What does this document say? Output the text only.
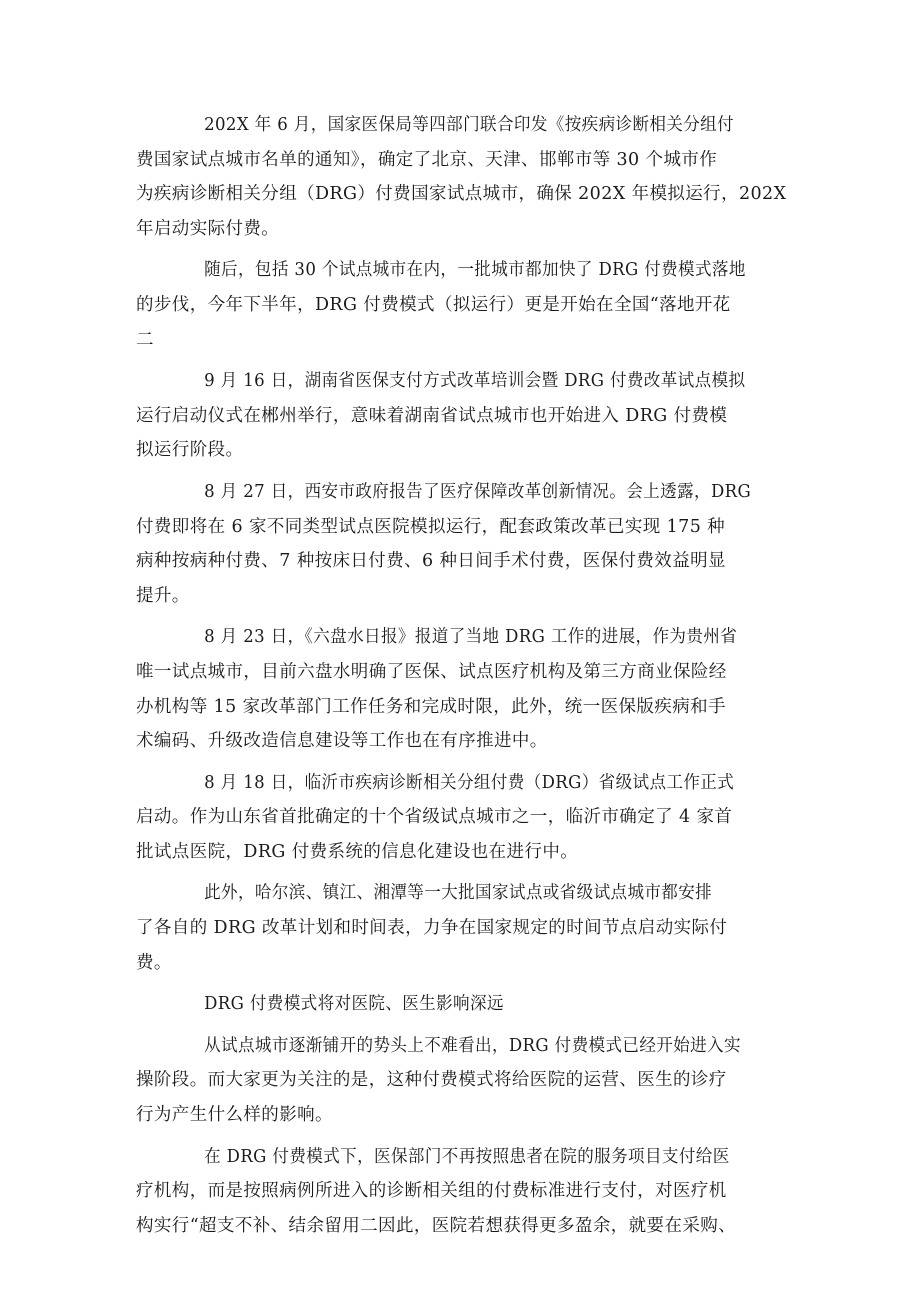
202X 年 6 月，国家医保局等四部门联合印发《按疾病诊断相关分组付

费国家试点城市名单的通知》，确定了北京、天津、邯郸市等 30 个城市作
为疾病诊断相关分组（DRG）付费国家试点城市，确保 202X 年模拟运行，202X
年启动实际付费。

随后，包括 30 个试点城市在内，一批城市都加快了 DRG 付费模式落地

的步伐，今年下半年，DRG 付费模式（拟运行）更是开始在全国“落地开花
二

9 月 16 日，湖南省医保支付方式改革培训会暨 DRG 付费改革试点模拟

运行启动仪式在郴州举行，意味着湖南省试点城市也开始进入 DRG 付费模
拟运行阶段。

8 月 27 日，西安市政府报告了医疗保障改革创新情况。会上透露，DRG

付费即将在 6 家不同类型试点医院模拟运行，配套政策改革已实现 175 种
病种按病种付费、7 种按床日付费、6 种日间手术付费，医保付费效益明显
提升。

8 月 23 日，《六盘水日报》报道了当地 DRG 工作的进展，作为贵州省

唯一试点城市，目前六盘水明确了医保、试点医疗机构及第三方商业保险经
办机构等 15 家改革部门工作任务和完成时限，此外，统一医保版疾病和手
术编码、升级改造信息建设等工作也在有序推进中。

8 月 18 日，临沂市疾病诊断相关分组付费（DRG）省级试点工作正式

启动。作为山东省首批确定的十个省级试点城市之一，临沂市确定了 4 家首
批试点医院，DRG 付费系统的信息化建设也在进行中。

此外，哈尔滨、镇江、湘潭等一大批国家试点或省级试点城市都安排

了各自的 DRG 改革计划和时间表，力争在国家规定的时间节点启动实际付
费。

DRG 付费模式将对医院、医生影响深远

从试点城市逐渐铺开的势头上不难看出，DRG 付费模式已经开始进入实

操阶段。而大家更为关注的是，这种付费模式将给医院的运营、医生的诊疗
行为产生什么样的影响。

在 DRG 付费模式下，医保部门不再按照患者在院的服务项目支付给医

疗机构，而是按照病例所进入的诊断相关组的付费标准进行支付，对医疗机
构实行“超支不补、结余留用二因此，医院若想获得更多盈余，就要在采购、
